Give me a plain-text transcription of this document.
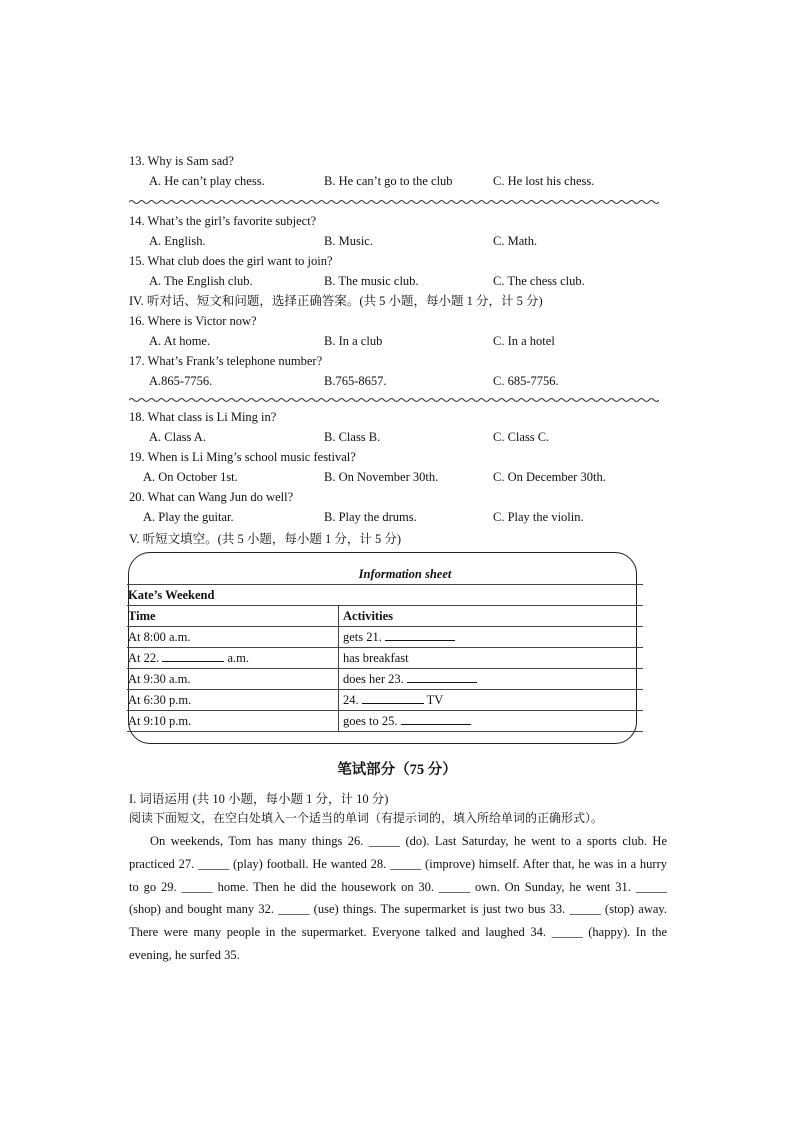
13. Why is Sam sad?
A. He can’t play chess.	B. He can’t go to the club	C. He lost his chess.
14. What’s the girl’s favorite subject?
A. English.	B. Music.	C. Math.
15. What club does the girl want to join?
A. The English club.	B. The music club.	C. The chess club.
IV. 听对话、短文和问题，选择正确答案。(共 5 小题，每小题 1 分，计 5 分)
16. Where is Victor now?
A. At home.	B. In a club	C. In a hotel
17. What’s Frank’s telephone number?
A.865-7756.	B.765-8657.	C. 685-7756.
18. What class is Li Ming in?
A. Class A.	B. Class B.	C. Class C.
19. When is Li Ming’s school music festival?
A. On October 1st.	B. On November 30th.	C. On December 30th.
20. What can Wang Jun do well?
A. Play the guitar.	B. Play the drums.	C. Play the violin.
V. 听短文填空。(共 5 小题，每小题 1 分，计 5 分)
Information sheet	
Kate’s Weekend	
Time	Activities
At 8:00 a.m.	gets 21.
At 22. a.m.	has breakfast
At 9:30 a.m.	does her 23.
At 6:30 p.m.	24. TV
At 9:10 p.m.	goes to 25.
笔试部分（75 分）
I. 词语运用 (共 10 小题，每小题 1 分，计 10 分)
阅读下面短文，在空白处填入一个适当的单词（有提示词的，填入所给单词的正确形式）。
On weekends, Tom has many things 26. _____ (do). Last Saturday, he went to a sports club. He practiced 27. _____ (play) football. He wanted 28. _____ (improve) himself. After that, he was in a hurry to go 29. _____ home. Then he did the housework on 30. _____ own. On Sunday, he went 31. _____ (shop) and bought many 32. _____ (use) things. The supermarket is just two bus 33. _____ (stop) away. There were many people in the supermarket. Everyone talked and laughed 34. _____ (happy). In the evening, he surfed 35.
